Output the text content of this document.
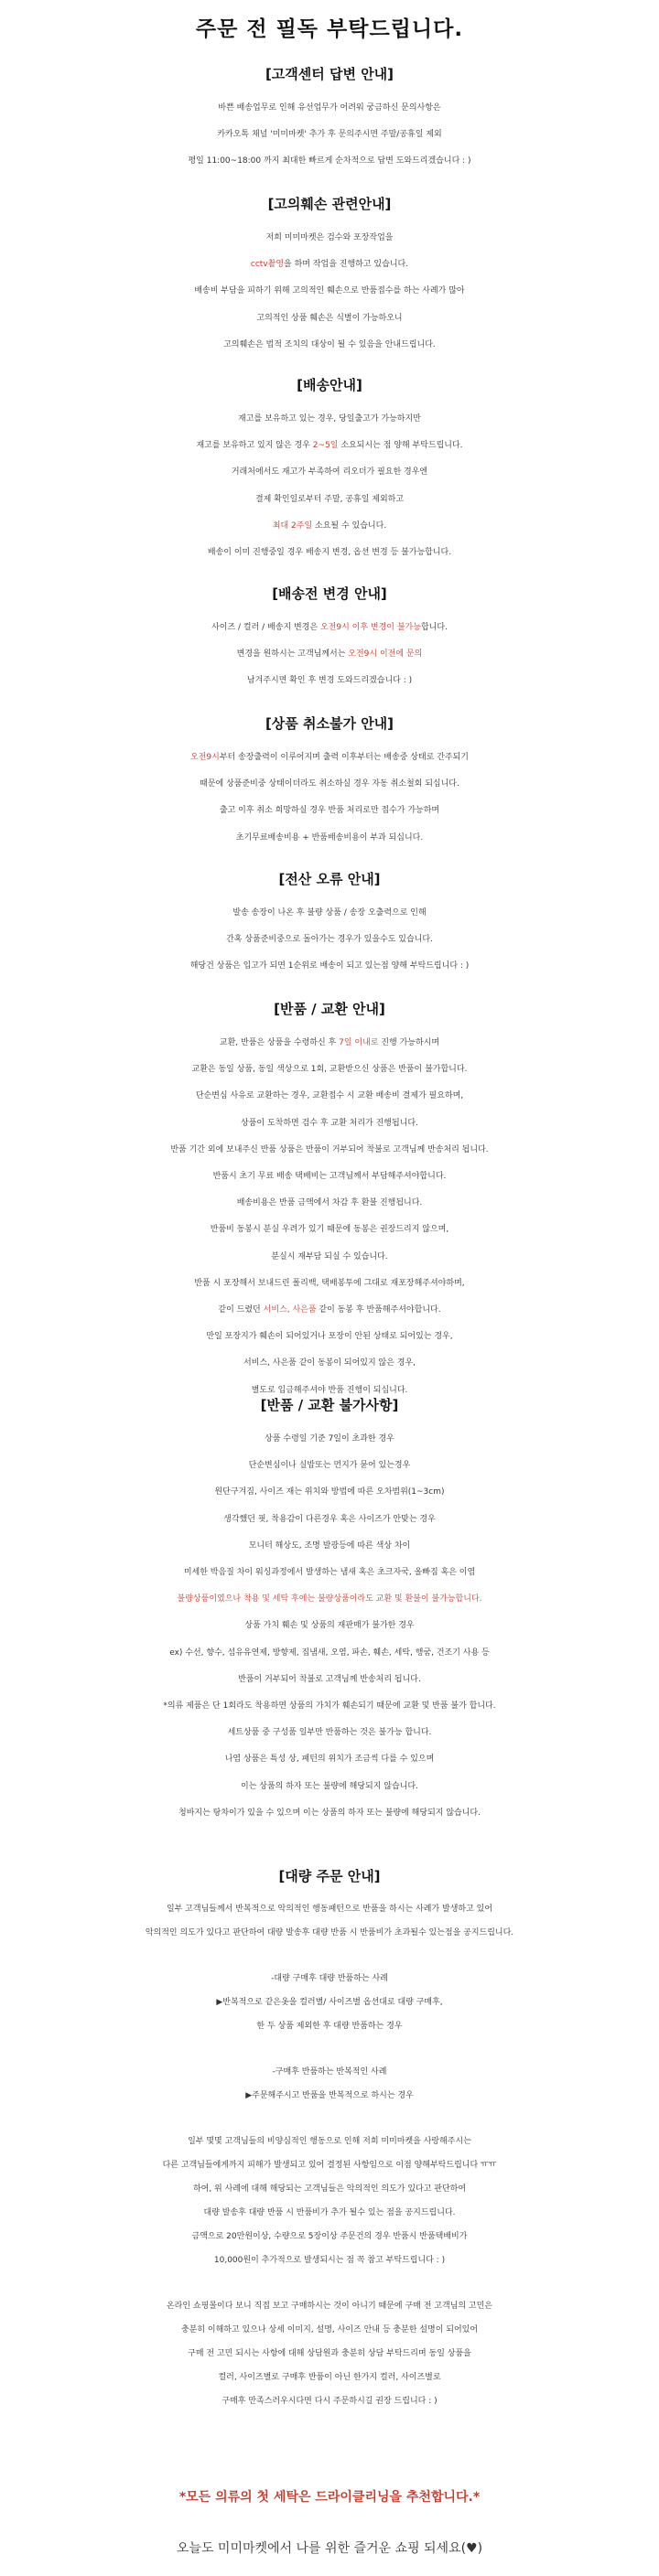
주문 전 필독 부탁드립니다.
[고객센터 답변 안내]
바쁜 배송업무로 인해 유선업무가 어려워 궁금하신 문의사항은
카카오톡 채널 '미미마켓' 추가 후 문의주시면 주말/공휴일 제외
평일 11:00~18:00 까지 최대한 빠르게 순차적으로 답변 도와드리겠습니다 : )
[고의훼손 관련안내]
저희 미미마켓은 검수와 포장작업을
cctv촬영을 하며 작업을 진행하고 있습니다.
배송비 부담을 피하기 위해 고의적인 훼손으로 반품접수를 하는 사례가 많아
고의적인 상품 훼손은 식별이 가능하오니
고의훼손은 법적 조치의 대상이 될 수 있음을 안내드립니다.
[배송안내]
재고를 보유하고 있는 경우, 당일출고가 가능하지만
재고를 보유하고 있지 않은 경우 2~5일 소요되시는 점 양해 부탁드립니다.
거래처에서도 재고가 부족하여 리오더가 필요한 경우엔
결제 확인일로부터 주말, 공휴일 제외하고
최대 2주일 소요될 수 있습니다.
배송이 이미 진행중일 경우 배송지 변경, 옵션 변경 등 불가능합니다.
[배송전 변경 안내]
사이즈 / 컬러 / 배송지 변경은 오전9시 이후 변경이 불가능합니다.
변경을 원하시는 고객님께서는 오전9시 이전에 문의
남겨주시면 확인 후 변경 도와드리겠습니다 : )
[상품 취소불가 안내]
오전9시부터 송장출력이 이루어지며 출력 이후부터는 배송중 상태로 간주되기
때문에 상품준비중 상태이더라도 취소하실 경우 자동 취소철회 되십니다.
출고 이후 취소 희망하실 경우 반품 처리로만 접수가 가능하며
초기무료배송비용 + 반품배송비용이 부과 되십니다.
[전산 오류 안내]
발송 송장이 나온 후 불량 상품 / 송장 오출력으로 인해
간혹 상품준비중으로 돌아가는 경우가 있을수도 있습니다.
해당건 상품은 입고가 되면 1순위로 배송이 되고 있는점 양해 부탁드립니다 : )
[반품 / 교환 안내]
교환, 반품은 상품을 수령하신 후 7일 이내로 진행 가능하시며
교환은 동일 상품, 동일 색상으로 1회, 교환받으신 상품은 반품이 불가합니다.
단순변심 사유로 교환하는 경우, 교환접수 시 교환 배송비 결제가 필요하며,
상품이 도착하면 검수 후 교환 처리가 진행됩니다.
반품 기간 외에 보내주신 반품 상품은 반품이 거부되어 착불로 고객님께 반송처리 됩니다.
반품시 초기 무료 배송 택배비는 고객님께서 부담해주셔야합니다.
배송비용은 반품 금액에서 차감 후 환불 진행됩니다.
반품비 동봉시 분실 우려가 있기 때문에 동봉은 권장드리지 않으며,
분실시 재부담 되실 수 있습니다.
반품 시 포장해서 보내드린 폴리백, 택배봉투에 그대로 재포장해주셔야하며,
같이 드렸던 서비스, 사은품 같이 동봉 후 반품해주셔야합니다.
만일 포장지가 훼손이 되어있거나 포장이 안된 상태로 되어있는 경우,
서비스, 사은품 같이 동봉이 되어있지 않은 경우,
별도로 입금해주셔야 반품 진행이 되십니다.
[반품 / 교환 불가사항]
상품 수령일 기준 7일이 초과한 경우
단순변심이나 실밥또는 먼지가 묻어 있는경우
원단구겨짐, 사이즈 재는 위치와 방법에 따른 오차범위(1~3cm)
생각했던 핏, 착용감이 다른경우 혹은 사이즈가 안맞는 경우
모니터 해상도, 조명 발광등에 따른 색상 차이
미세한 박음질 차이 워싱과정에서 발생하는 냄새 혹은 초크자국, 올빠짐 혹은 이염
불량상품이였으나 착용 및 세탁 후에는 불량상품이라도 교환 및 환불이 불가능합니다.
상품 가치 훼손 및 상품의 재판매가 불가한 경우
ex) 수선, 향수, 섬유유연제, 방향제, 집냄새, 오염, 파손, 훼손, 세탁, 행굼, 건조기 사용 등
반품이 거부되어 착불로 고객님께 반송처리 됩니다.
*의류 제품은 단 1회라도 착용하면 상품의 가치가 훼손되기 때문에 교환 및 반품 불가 합니다.
세트상품 중 구성품 일부만 반품하는 것은 불가능 합니다.
나염 상품은 특성 상, 패턴의 위치가 조금씩 다를 수 있으며
이는 상품의 하자 또는 불량에 해당되지 않습니다.
청바지는 탕차이가 있을 수 있으며 이는 상품의 하자 또는 불량에 해당되지 않습니다.
[대량 주문 안내]
일부 고객님들께서 반복적으로 악의적인 행동패턴으로 반품을 하시는 사례가 발생하고 있어
악의적인 의도가 있다고 판단하여 대량 발송후 대량 반품 시 반품비가 초과될수 있는점을 공지드립니다.
-대량 구매후 대량 반품하는 사례
▶반복적으로 같은옷을 컬러별/ 사이즈별 옵션대로 대량 구매후,
한 두 상품 제외한 후 대량 반품하는 경우
-구매후 반품하는 반복적인 사례
▶주문해주시고 반품을 반복적으로 하시는 경우
일부 몇몇 고객님들의 비양심적인 행동으로 인해 저희 미미마켓을 사랑해주시는
다른 고객님들에게까지 피해가 발생되고 있어 결정된 사항임으로 이점 양해부탁드립니다 ㅠㅠ
하여, 위 사례에 대해 해당되는 고객님들은 악의적인 의도가 있다고 판단하여
대량 발송후 대량 반품 시 반품비가 추가 될수 있는 점을 공지드립니다.
금액으로 20만원이상, 수량으로 5장이상 주문건의 경우 반품시 반품택배비가
10,000원이 추가적으로 발생되시는 점 꼭 참고 부탁드립니다 : )
온라인 쇼핑몰이다 보니 직접 보고 구매하시는 것이 아니기 때문에 구매 전 고객님의 고민은
충분히 이해하고 있으나 상세 이미지, 설명, 사이즈 안내 등 충분한 설명이 되어있어
구매 전 고민 되시는 사항에 대해 상담원과 충분히 상담 부탁드리며 동일 상품을
컬러, 사이즈별로 구매후 반품이 아닌 한가지 컬러, 사이즈별로
구매후 만족스러우시다면 다시 주문하시길 권장 드립니다 : )
*모든 의류의 첫 세탁은 드라이클리닝을 추천합니다.*
오늘도 미미마켓에서 나를 위한 즐거운 쇼핑 되세요(♥)
